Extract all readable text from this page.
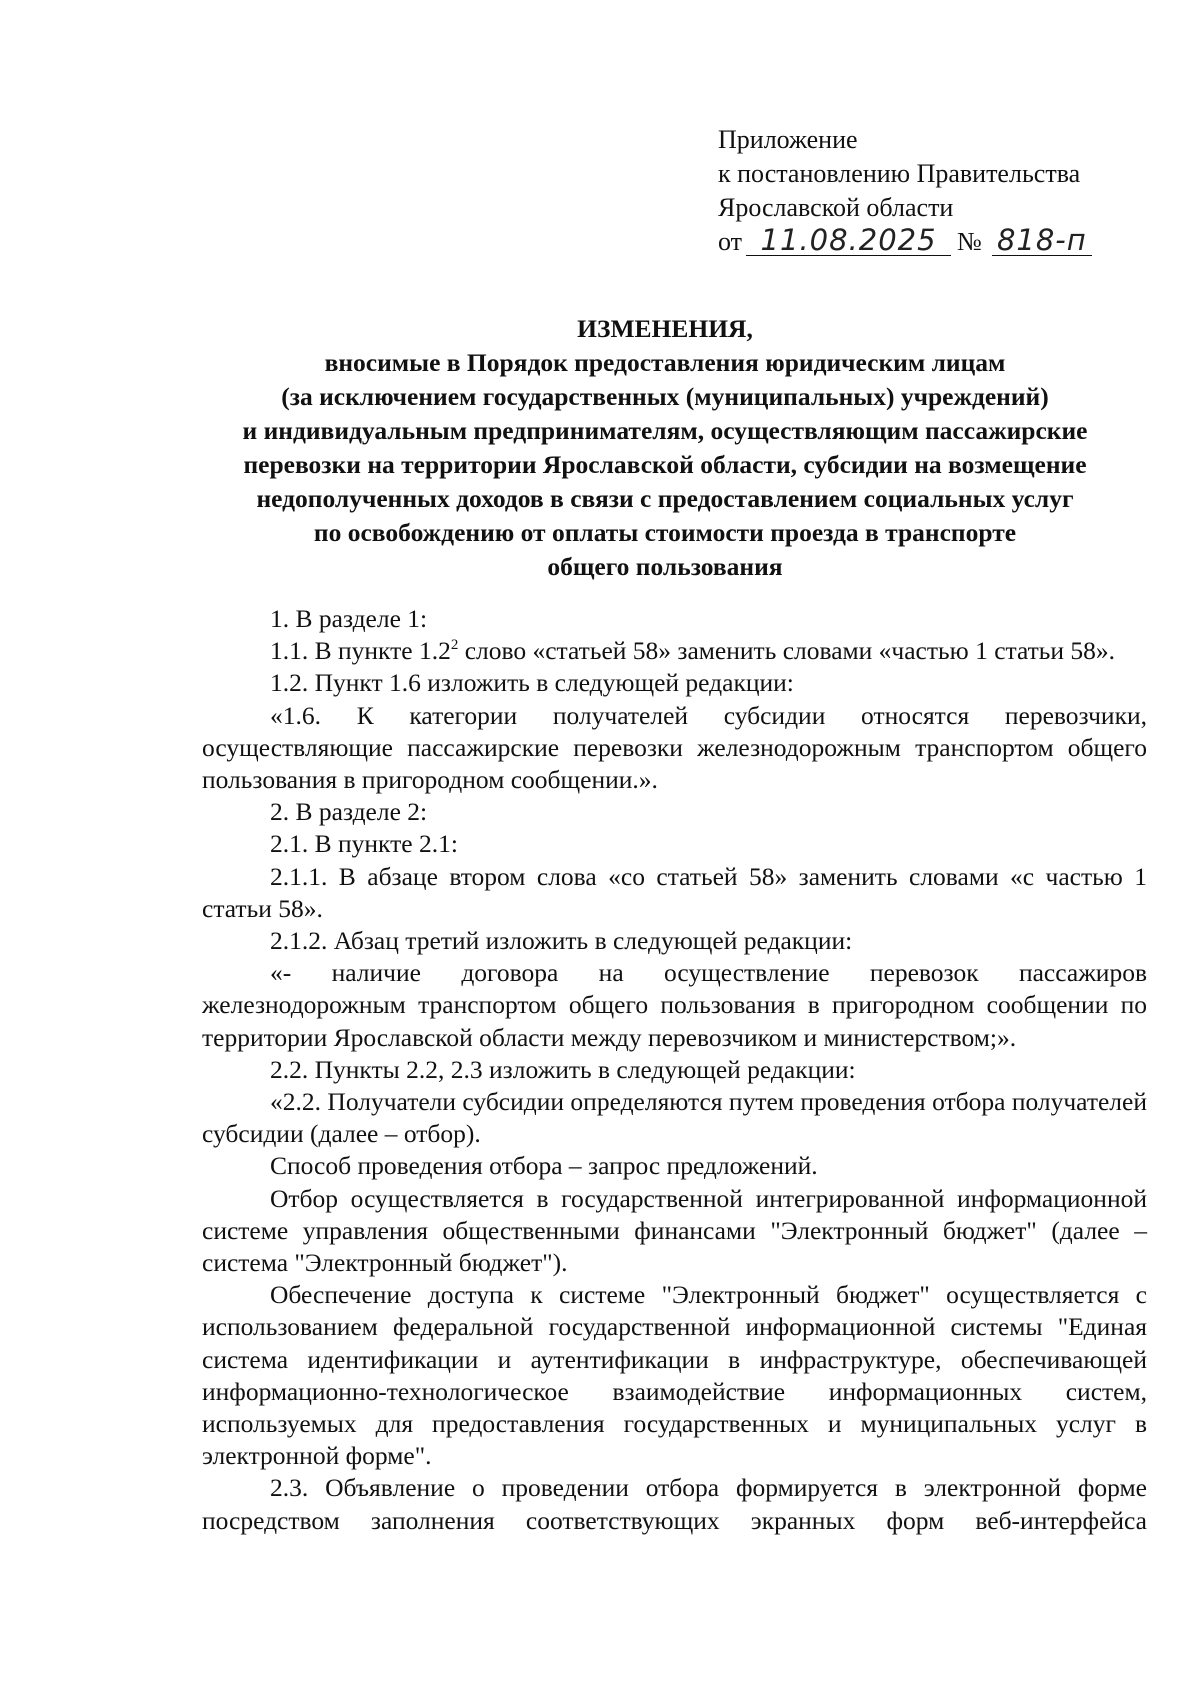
Приложение
к постановлению Правительства
Ярославской области
от 11.08.2025 № 818-п
ИЗМЕНЕНИЯ,
вносимые в Порядок предоставления юридическим лицам
(за исключением государственных (муниципальных) учреждений)
и индивидуальным предпринимателям, осуществляющим пассажирские
перевозки на территории Ярославской области, субсидии на возмещение
недополученных доходов в связи с предоставлением социальных услуг
по освобождению от оплаты стоимости проезда в транспорте
общего пользования

1. В разделе 1:

1.1. В пункте $1.2^2$ слово «статьей 58» заменить словами «частью 1 статьи 58».

1.2. Пункт 1.6 изложить в следующей редакции:

«1.6. К категории получателей субсидии относятся перевозчики, осуществляющие пассажирские перевозки железнодорожным транспортом общего пользования в пригородном сообщении.».

2. В разделе 2:

2.1. В пункте 2.1:

2.1.1. В абзаце втором слова «со статьей 58» заменить словами «с частью 1 статьи 58».

2.1.2. Абзац третий изложить в следующей редакции:

«- наличие договора на осуществление перевозок пассажиров железнодорожным транспортом общего пользования в пригородном сообщении по территории Ярославской области между перевозчиком и министерством;».

2.2. Пункты 2.2, 2.3 изложить в следующей редакции:

«2.2. Получатели субсидии определяются путем проведения отбора получателей субсидии (далее – отбор).

Способ проведения отбора – запрос предложений.

Отбор осуществляется в государственной интегрированной информационной системе управления общественными финансами "Электронный бюджет" (далее – система "Электронный бюджет").

Обеспечение доступа к системе "Электронный бюджет" осуществляется с использованием федеральной государственной информационной системы "Единая система идентификации и аутентификации в инфраструктуре, обеспечивающей информационно-технологическое взаимодействие информационных систем, используемых для предоставления государственных и муниципальных услуг в электронной форме".

2.3. Объявление о проведении отбора формируется в электронной форме посредством заполнения соответствующих экранных форм веб-интерфейса
